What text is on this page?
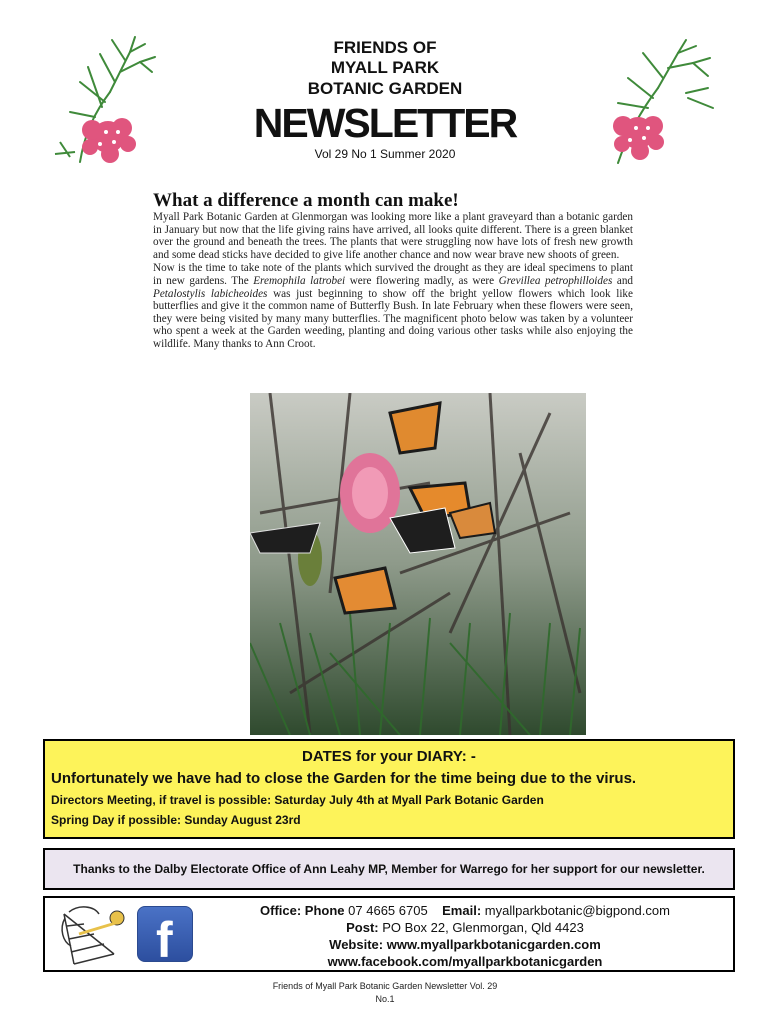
FRIENDS OF
MYALL PARK
BOTANIC GARDEN
NEWSLETTER
Vol 29 No 1 Summer 2020
What a difference a month can make!

Myall Park Botanic Garden at Glenmorgan was looking more like a plant graveyard than a botanic garden in January but now that the life giving rains have arrived, all looks quite different. There is a green blanket over the ground and beneath the trees. The plants that were struggling now have lots of fresh new growth and some dead sticks have decided to give life another chance and now wear brave new shoots of green.

Now is the time to take note of the plants which survived the drought as they are ideal specimens to plant in new gardens. The Eremophila latrobei were flowering madly, as were Grevillea petrophilloides and Petalostylis labicheoides was just beginning to show off the bright yellow flowers which look like butterflies and give it the common name of Butterfly Bush. In late February when these flowers were seen, they were being visited by many many butterflies. The magnificent photo below was taken by a volunteer who spent a week at the Garden weeding, planting and doing various other tasks while also enjoying the wildlife. Many thanks to Ann Croot.

DATES for your DIARY: -
Unfortunately we have had to close the Garden for the time being due to the virus.
Directors Meeting, if travel is possible: Saturday July 4th at Myall Park Botanic Garden
Spring Day if possible: Sunday August 23rd
Thanks to the Dalby Electorate Office of Ann Leahy MP, Member for Warrego for her support for our newsletter.
f
Office: Phone 07 4665 6705 Email: myallparkbotanic@bigpond.com
Post: PO Box 22, Glenmorgan, Qld 4423
Website: www.myallparkbotanicgarden.com
www.facebook.com/myallparkbotanicgarden
Friends of Myall Park Botanic Garden Newsletter Vol. 29
No.1
